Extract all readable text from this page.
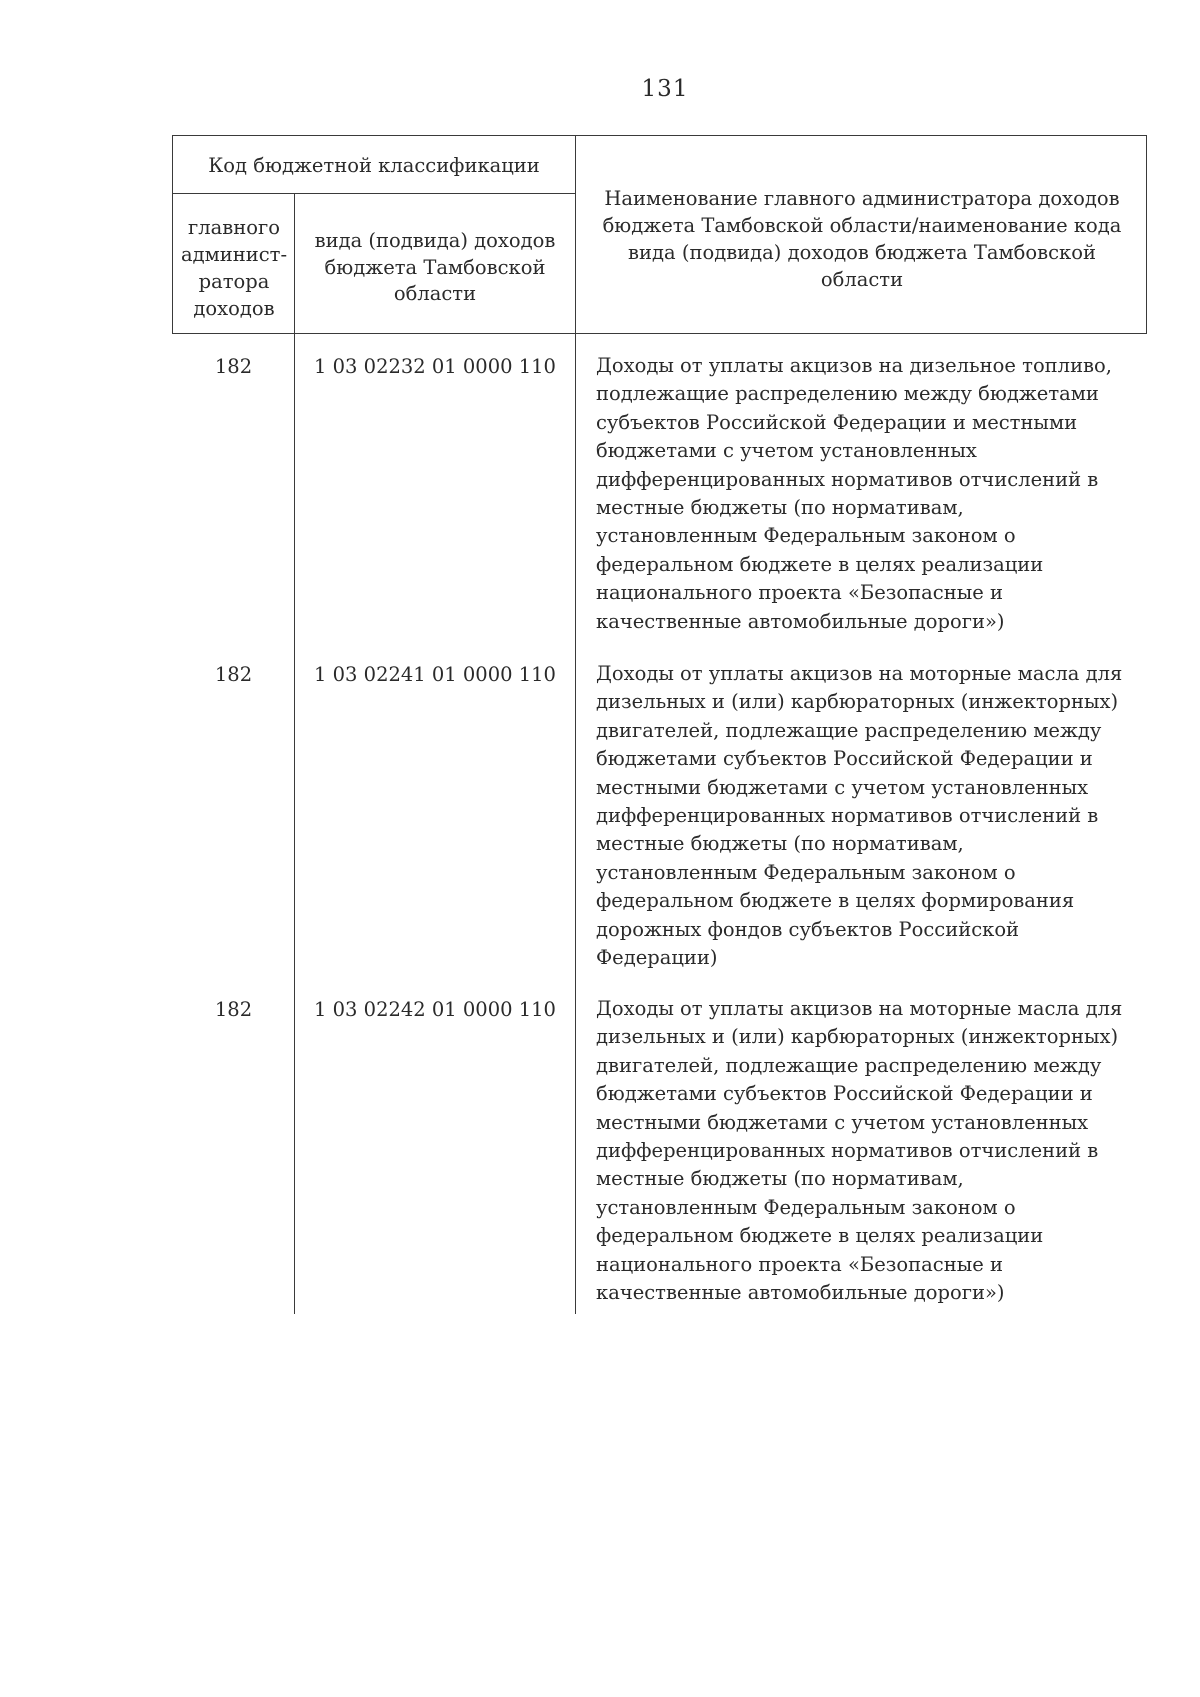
131
Код бюджетной классификации
главного админист-ратора доходов
вида (подвида) доходов бюджета Тамбовской области
Наименование главного администратора доходов бюджета Тамбовской области/наименование кода вида (подвида) доходов бюджета Тамбовской области
182	1 03 02232 01 0000 110	Доходы от уплаты акцизов на дизельное топливо,
подлежащие распределению между бюджетами
субъектов Российской Федерации и местными
бюджетами с учетом установленных
дифференцированных нормативов отчислений в
местные бюджеты (по нормативам,
установленным Федеральным законом о
федеральном бюджете в целях реализации
национального проекта «Безопасные и
качественные автомобильные дороги»)
182	1 03 02241 01 0000 110	Доходы от уплаты акцизов на моторные масла для
дизельных и (или) карбюраторных (инжекторных)
двигателей, подлежащие распределению между
бюджетами субъектов Российской Федерации и
местными бюджетами с учетом установленных
дифференцированных нормативов отчислений в
местные бюджеты (по нормативам,
установленным Федеральным законом о
федеральном бюджете в целях формирования
дорожных фондов субъектов Российской
Федерации)
182	1 03 02242 01 0000 110	Доходы от уплаты акцизов на моторные масла для
дизельных и (или) карбюраторных (инжекторных)
двигателей, подлежащие распределению между
бюджетами субъектов Российской Федерации и
местными бюджетами с учетом установленных
дифференцированных нормативов отчислений в
местные бюджеты (по нормативам,
установленным Федеральным законом о
федеральном бюджете в целях реализации
национального проекта «Безопасные и
качественные автомобильные дороги»)
